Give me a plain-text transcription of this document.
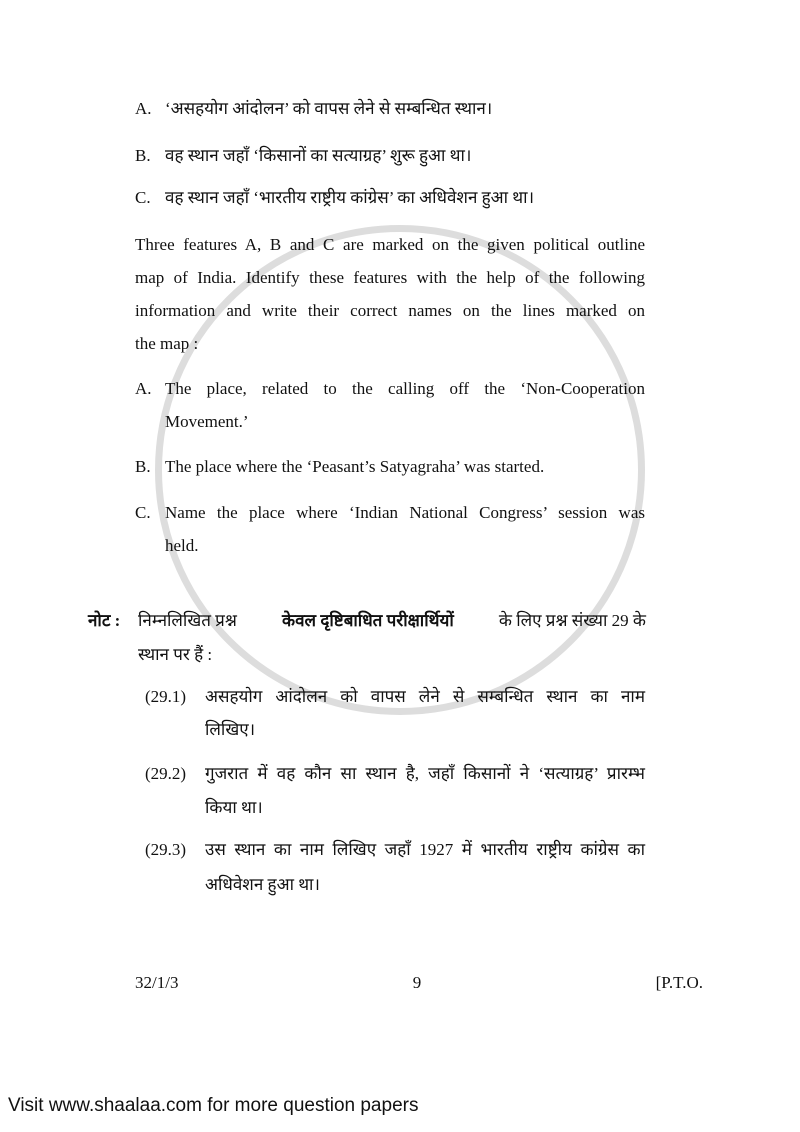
A. ‘असहयोग आंदोलन’ को वापस लेने से सम्बन्धित स्थान।
B. वह स्थान जहाँ ‘किसानों का सत्याग्रह’ शुरू हुआ था।
C. वह स्थान जहाँ ‘भारतीय राष्ट्रीय कांग्रेस’ का अधिवेशन हुआ था।
Three features A, B and C are marked on the given political outline
map of India. Identify these features with the help of the following
information and write their correct names on the lines marked on
the map :
A. The place, related to the calling off the ‘Non-Cooperation
Movement.’
B. The place where the ‘Peasant’s Satyagraha’ was started.
C. Name the place where ‘Indian National Congress’ session was
held.
नोट :	निम्नलिखित प्रश्न	केवल दृष्टिबाधित परीक्षार्थियों	के लिए प्रश्न संख्या 29 के
स्थान पर हैं :
(29.1)	असहयोग आंदोलन को वापस लेने से सम्बन्धित स्थान का नाम
लिखिए।
(29.2)	गुजरात में वह कौन सा स्थान है, जहाँ किसानों ने ‘सत्याग्रह’ प्रारम्भ
किया था।
(29.3)	उस स्थान का नाम लिखिए जहाँ 1927 में भारतीय राष्ट्रीय कांग्रेस का
अधिवेशन हुआ था।
32/1/3	9	[P.T.O.
Visit www.shaalaa.com for more question papers
